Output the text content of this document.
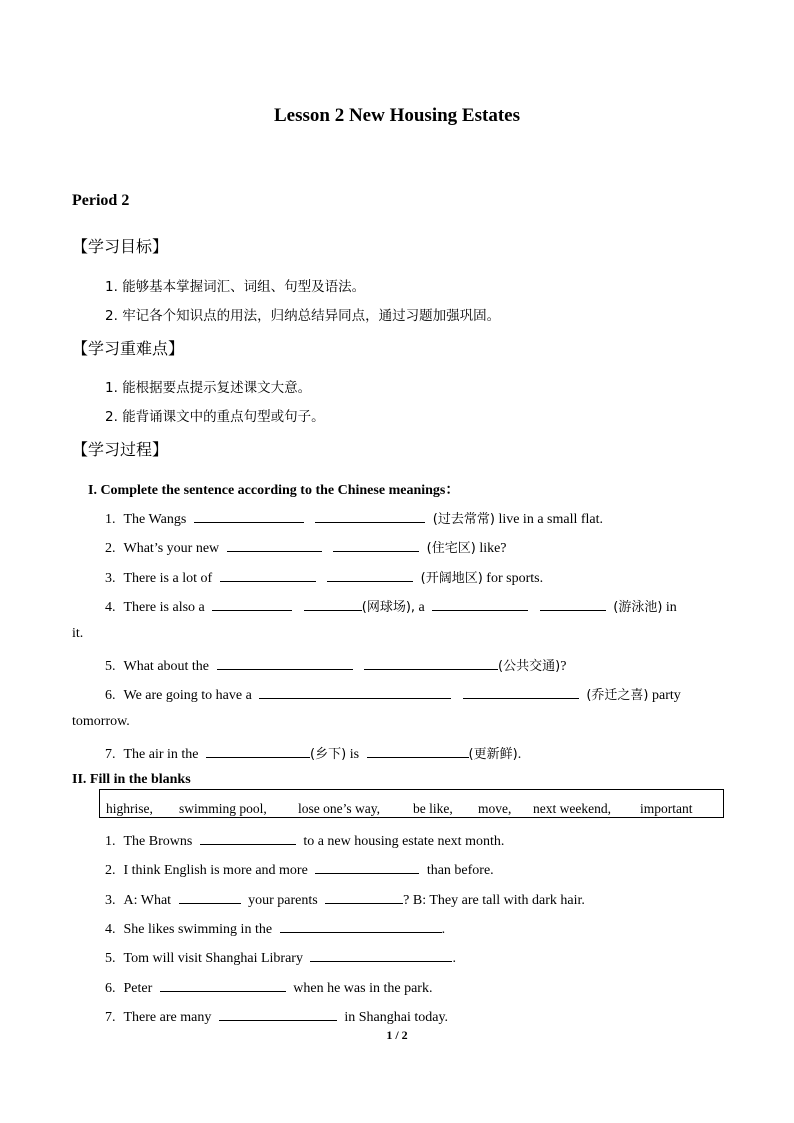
Lesson 2 New Housing Estates
Period 2
【学习目标】
1. 能够基本掌握词汇、词组、句型及语法。
2. 牢记各个知识点的用法，归纳总结异同点，通过习题加强巩固。
【学习重难点】
1. 能根据要点提示复述课文大意。
2. 能背诵课文中的重点句型或句子。
【学习过程】
I. Complete the sentence according to the Chinese meanings：
1. The Wangs	(过去常常) live in a small flat.
2. What’s your new	(住宅区) like?
3. There is a lot of	(开阔地区) for sports.
4. There is also a	(网球场), a	(游泳池) in
it.
5. What about the	(公共交通)?
6. We are going to have a	(乔迁之喜) party
tomorrow.
7. The air in the	(乡下) is	(更新鲜).
II. Fill in the blanks
highrise, swimming pool, lose one’s way, be like, move, next weekend, important
1. The Browns	to a new housing estate next month.
2. I think English is more and more	than before.
3. A: What	your parents	? B: They are tall with dark hair.
4. She likes swimming in the	.
5. Tom will visit Shanghai Library	.
6. Peter	when he was in the park.
7. There are many	in Shanghai today.
1 / 2
